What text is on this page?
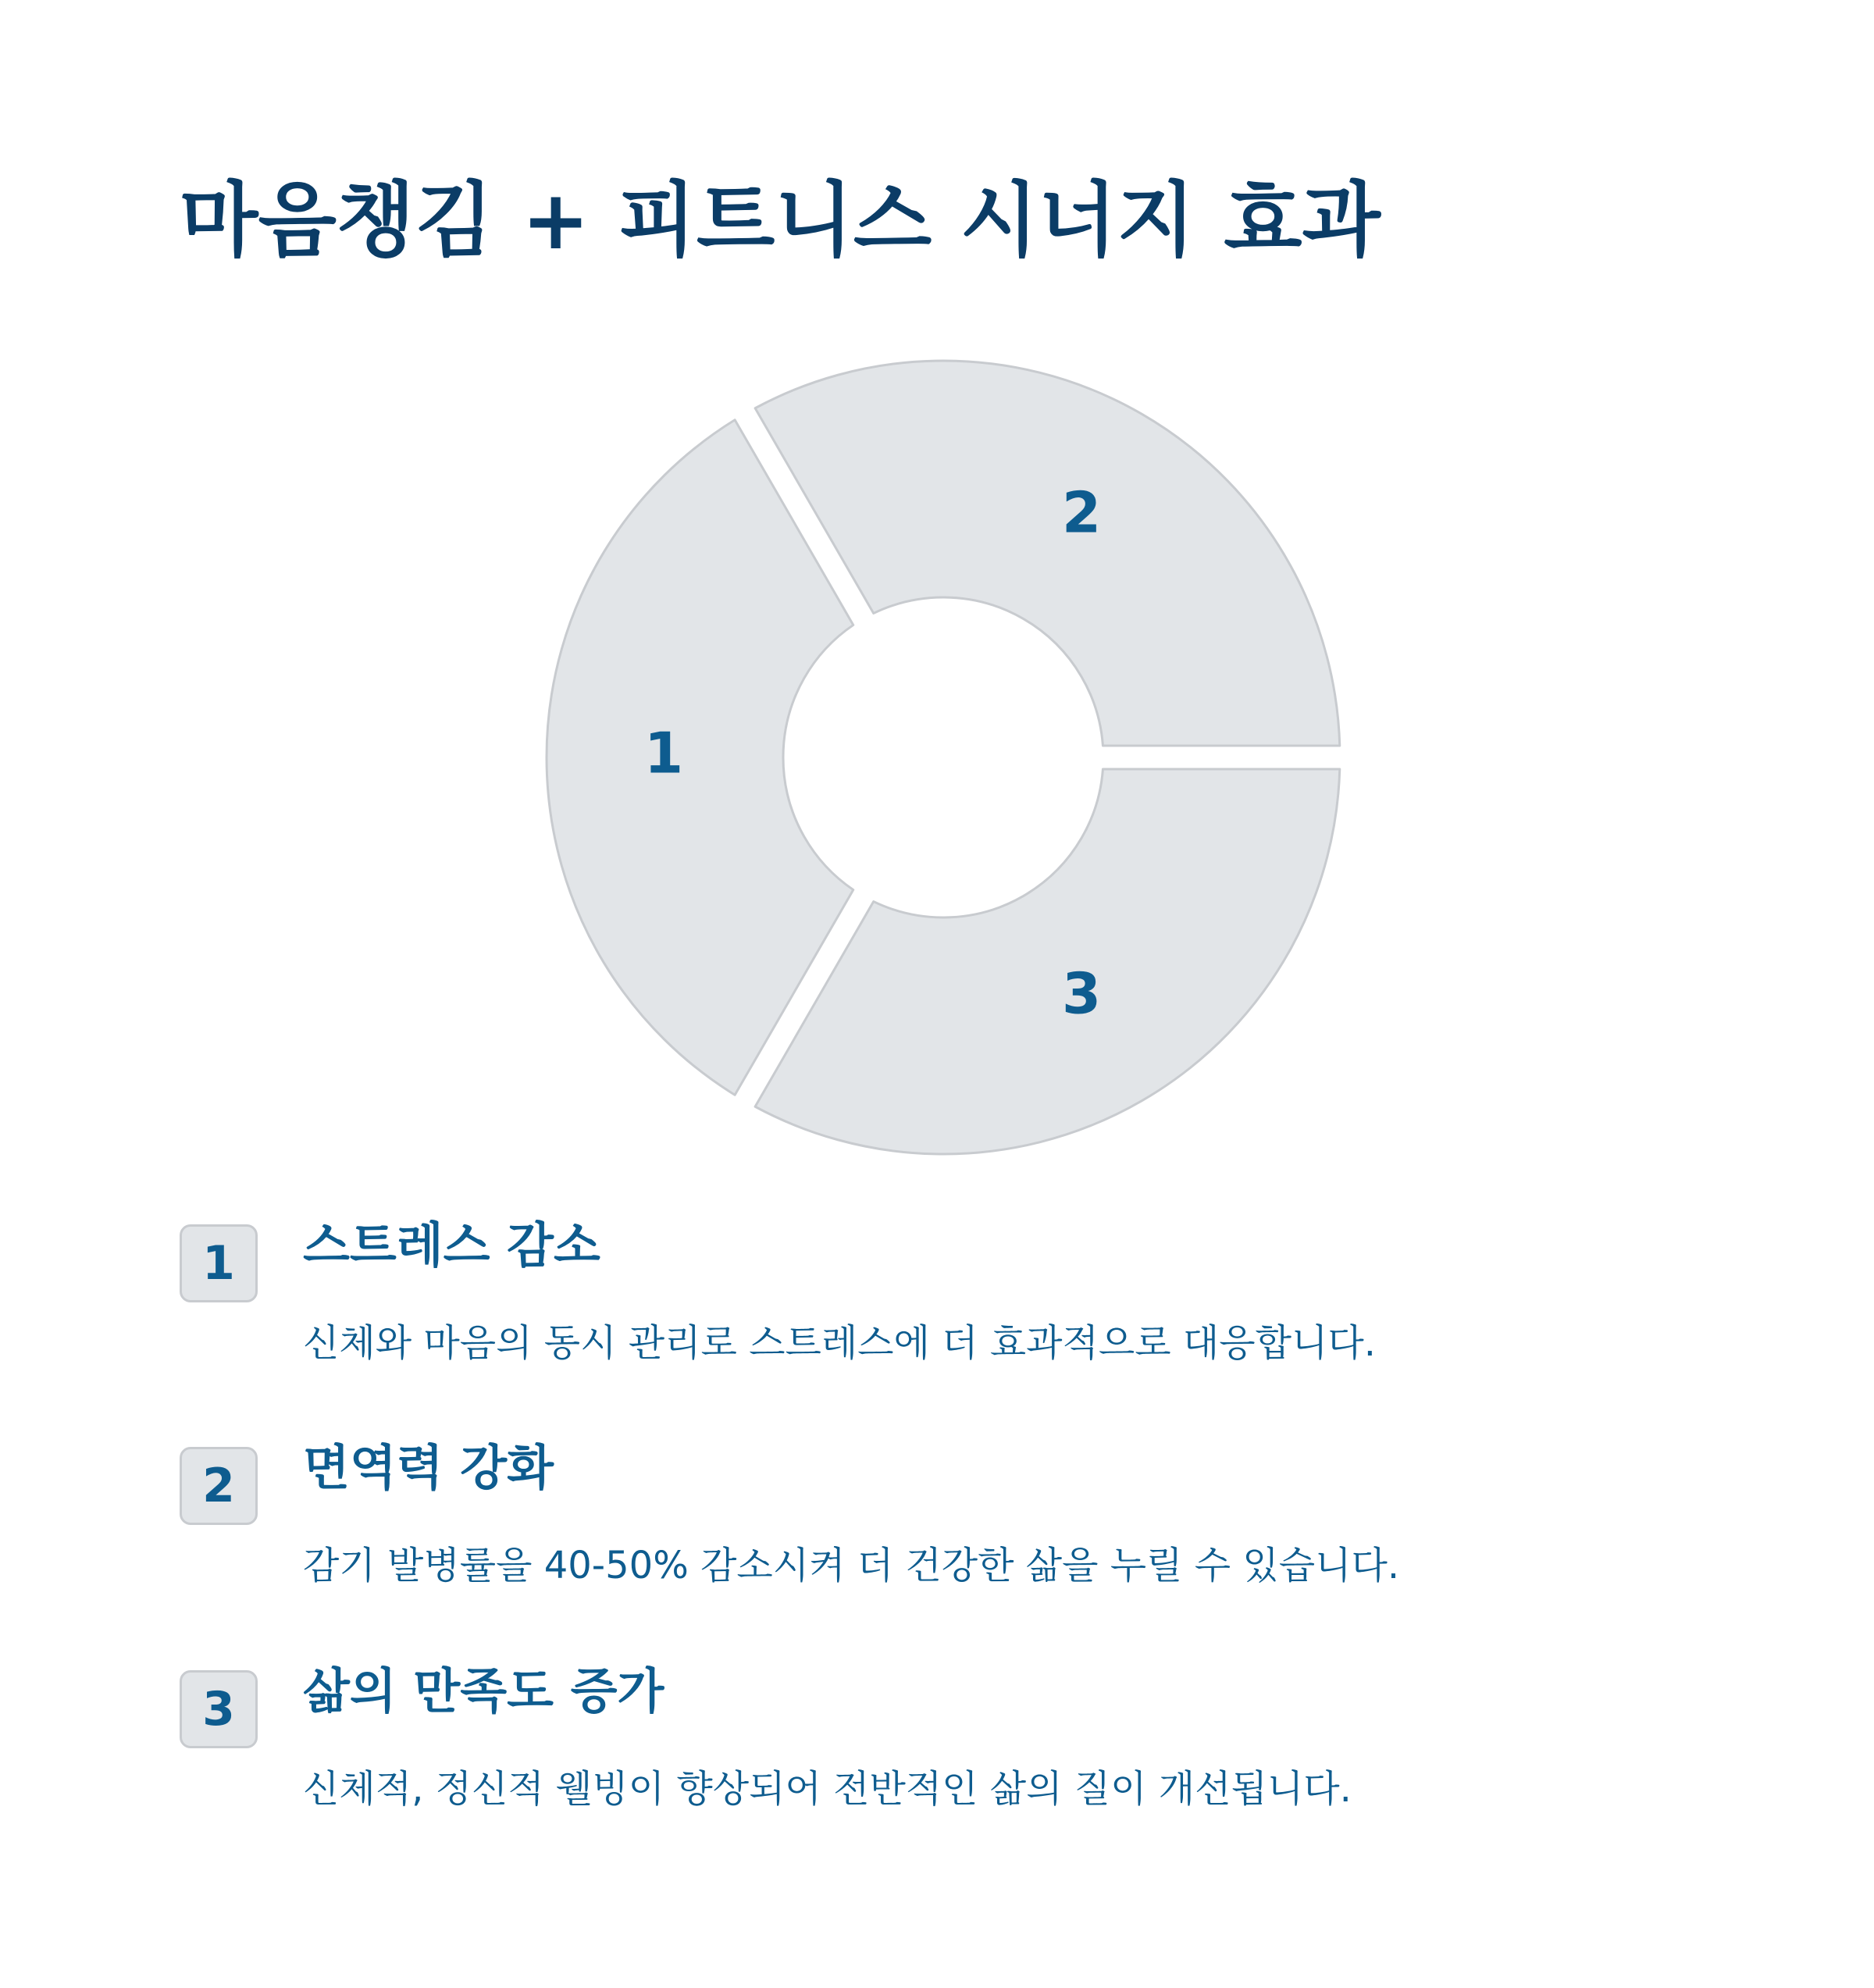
마음챙김 + 피트니스 시너지 효과
1
2
3
1	스트레스 감소

신체와 마음의 동시 관리로 스트레스에 더 효과적으로 대응합니다.

2	면역력 강화

감기 발병률을 40-50% 감소시켜 더 건강한 삶을 누릴 수 있습니다.

3	삶의 만족도 증가

신체적, 정신적 웰빙이 향상되어 전반적인 삶의 질이 개선됩니다.
